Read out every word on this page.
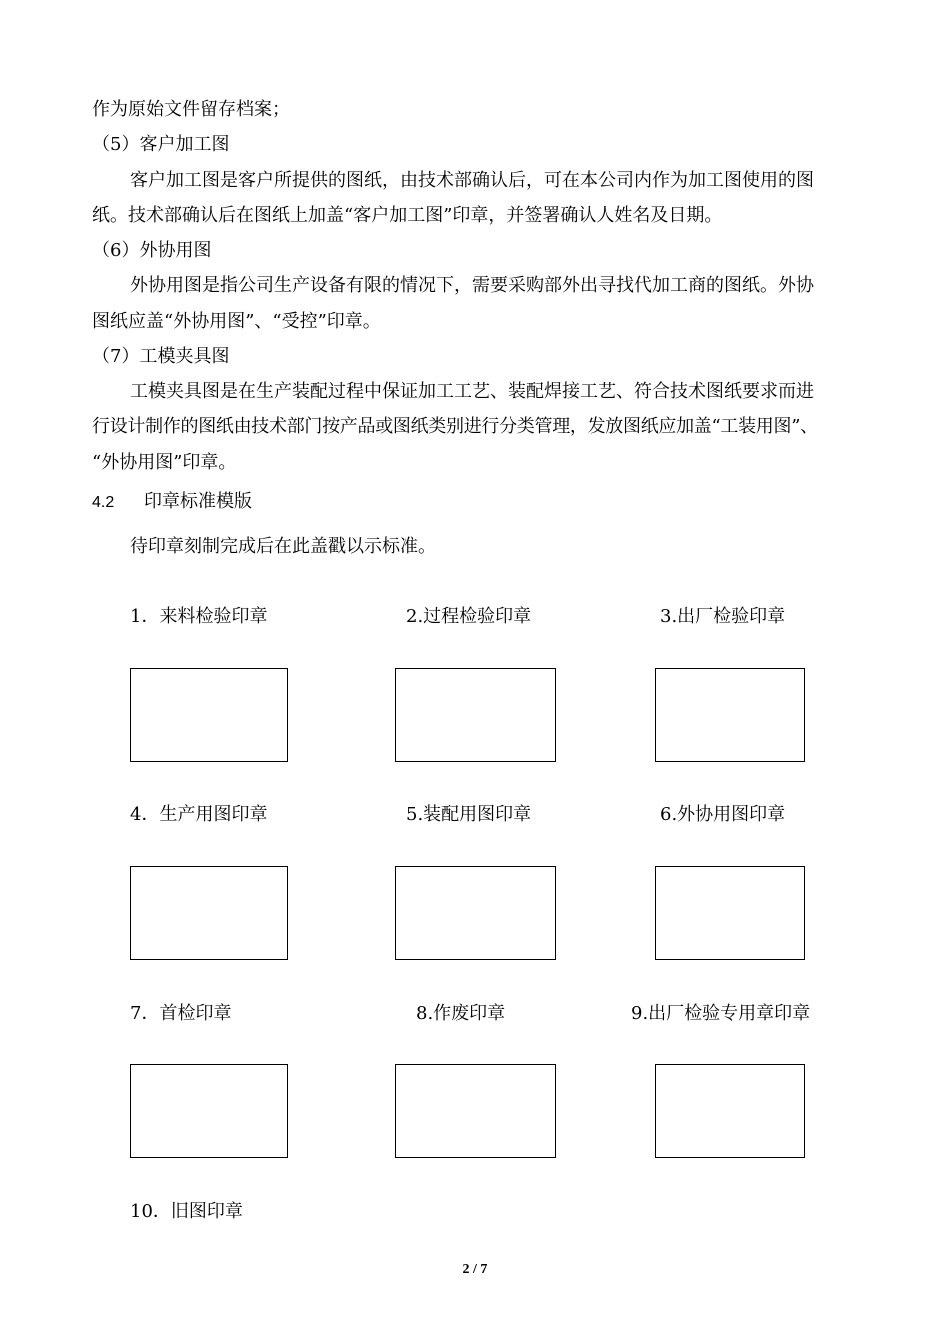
作为原始文件留存档案；
（5）客户加工图
客户加工图是客户所提供的图纸，由技术部确认后，可在本公司内作为加工图使用的图
纸。技术部确认后在图纸上加盖“客户加工图”印章，并签署确认人姓名及日期。
（6）外协用图
外协用图是指公司生产设备有限的情况下，需要采购部外出寻找代加工商的图纸。外协
图纸应盖“外协用图”、“受控”印章。
（7）工模夹具图
工模夹具图是在生产装配过程中保证加工工艺、装配焊接工艺、符合技术图纸要求而进
行设计制作的图纸由技术部门按产品或图纸类别进行分类管理，发放图纸应加盖“工装用图”、
“外协用图”印章。
4.2 印章标准模版
待印章刻制完成后在此盖戳以示标准。
1．来料检验印章	2.过程检验印章	3.出厂检验印章
4．生产用图印章	5.装配用图印章	6.外协用图印章
7．首检印章	8.作废印章	9.出厂检验专用章印章
10．旧图印章
2 / 7
